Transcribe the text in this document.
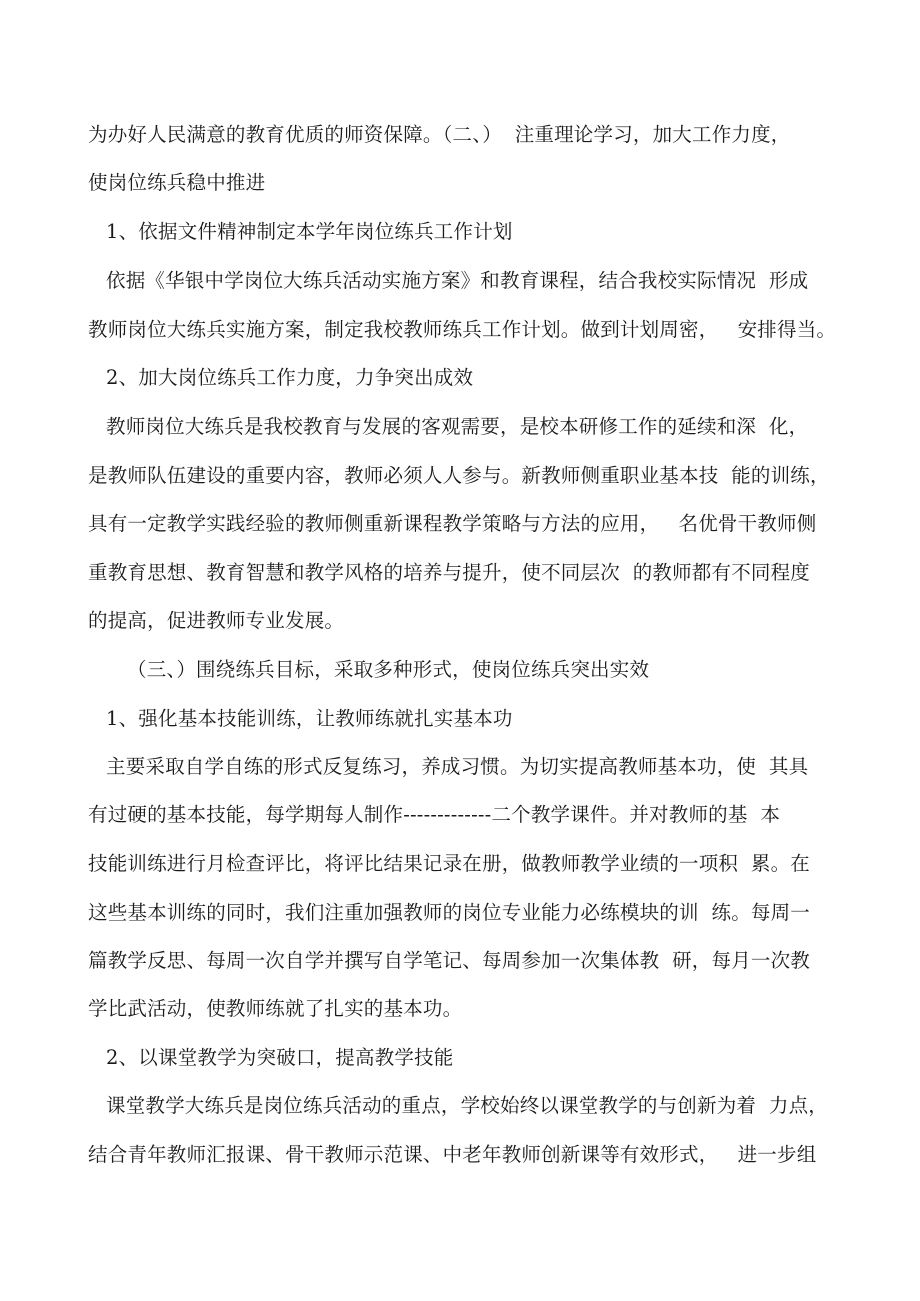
为办好人民满意的教育优质的师资保障。（二、）  注重理论学习，加大工作力度，
使岗位练兵稳中推进
1、依据文件精神制定本学年岗位练兵工作计划
依据《华银中学岗位大练兵活动实施方案》和教育课程，结合我校实际情况  形成
教师岗位大练兵实施方案，制定我校教师练兵工作计划。做到计划周密，   安排得当。
2、加大岗位练兵工作力度，力争突出成效
教师岗位大练兵是我校教育与发展的客观需要，是校本研修工作的延续和深  化，
是教师队伍建设的重要内容，教师必须人人参与。新教师侧重职业基本技  能的训练，
具有一定教学实践经验的教师侧重新课程教学策略与方法的应用，   名优骨干教师侧
重教育思想、教育智慧和教学风格的培养与提升，使不同层次  的教师都有不同程度
的提高，促进教师专业发展。
（三、）围绕练兵目标，采取多种形式，使岗位练兵突出实效
1、强化基本技能训练，让教师练就扎实基本功
主要采取自学自练的形式反复练习，养成习惯。为切实提高教师基本功，使  其具
有过硬的基本技能，每学期每人制作-------------二个教学课件。并对教师的基  本
技能训练进行月检查评比，将评比结果记录在册，做教师教学业绩的一项积  累。在
这些基本训练的同时，我们注重加强教师的岗位专业能力必练模块的训  练。每周一
篇教学反思、每周一次自学并撰写自学笔记、每周参加一次集体教  研，每月一次教
学比武活动，使教师练就了扎实的基本功。
2、以课堂教学为突破口，提高教学技能
课堂教学大练兵是岗位练兵活动的重点，学校始终以课堂教学的与创新为着  力点，
结合青年教师汇报课、骨干教师示范课、中老年教师创新课等有效形式，   进一步组
